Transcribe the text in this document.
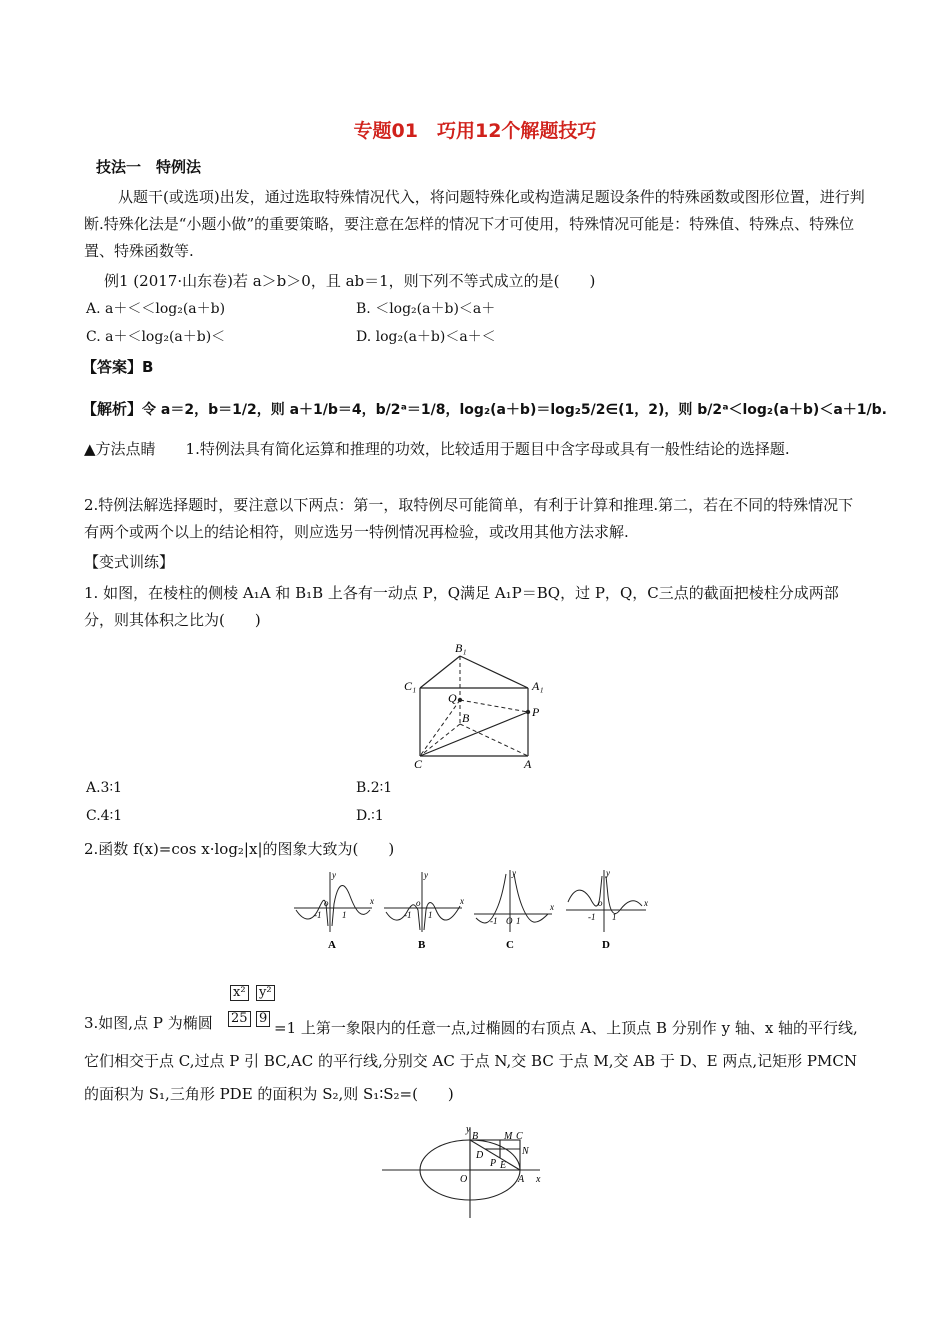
专题01　巧用12个解题技巧
技法一　特例法
从题干(或选项)出发，通过选取特殊情况代入，将问题特殊化或构造满足题设条件的特殊函数或图形位置，进行判断.特殊化法是“小题小做”的重要策略，要注意在怎样的情况下才可使用，特殊情况可能是：特殊值、特殊点、特殊位置、特殊函数等.
例1 (2017·山东卷)若 a＞b＞0，且 ab＝1，则下列不等式成立的是(　　)
A. a＋＜＜log₂(a＋b)	B. ＜log₂(a＋b)＜a＋
C. a＋＜log₂(a＋b)＜	D. log₂(a＋b)＜a＋＜
【答案】B
【解析】令 a＝2，b＝1/2，则 a＋1/b＝4，b/2ᵃ＝1/8，log₂(a＋b)＝log₂5/2∈(1，2)，则 b/2ᵃ＜log₂(a＋b)＜a＋1/b.
▲方法点睛　　1.特例法具有简化运算和推理的功效，比较适用于题目中含字母或具有一般性结论的选择题.
2.特例法解选择题时，要注意以下两点：第一，取特例尽可能简单，有利于计算和推理.第二，若在不同的特殊情况下有两个或两个以上的结论相符，则应选另一特例情况再检验，或改用其他方法求解.
【变式训练】
1. 如图，在棱柱的侧棱 A₁A 和 B₁B 上各有一动点 P，Q满足 A₁P＝BQ，过 P，Q，C三点的截面把棱柱分成两部分，则其体积之比为(　　)
B₁
C₁	A₁
Q
B	P
C	A
A.3∶1	B.2∶1
C.4∶1	D.∶1
2.函数 f(x)=cos x·log₂|x|的图象大致为(　　)
y
x
o
-1 1
y
x
o
-1 1
y
x
-1 O 1
y
x
o
-1 1
A	B	C	D
x² y²
25 9
3.如图,点 P 为椭圆	=1 上第一象限内的任意一点,过椭圆的右顶点 A、上顶点 B 分别作 y 轴、x 轴的平行线,它们相交于点 C,过点 P 引 BC,AC 的平行线,分别交 AC 于点 N,交 BC 于点 M,交 AB 于 D、E 两点,记矩形 PMCN 的面积为 S₁,三角形 PDE 的面积为 S₂,则 S₁∶S₂=(　　)
y
B	M C
N
D
P E
O	A x
